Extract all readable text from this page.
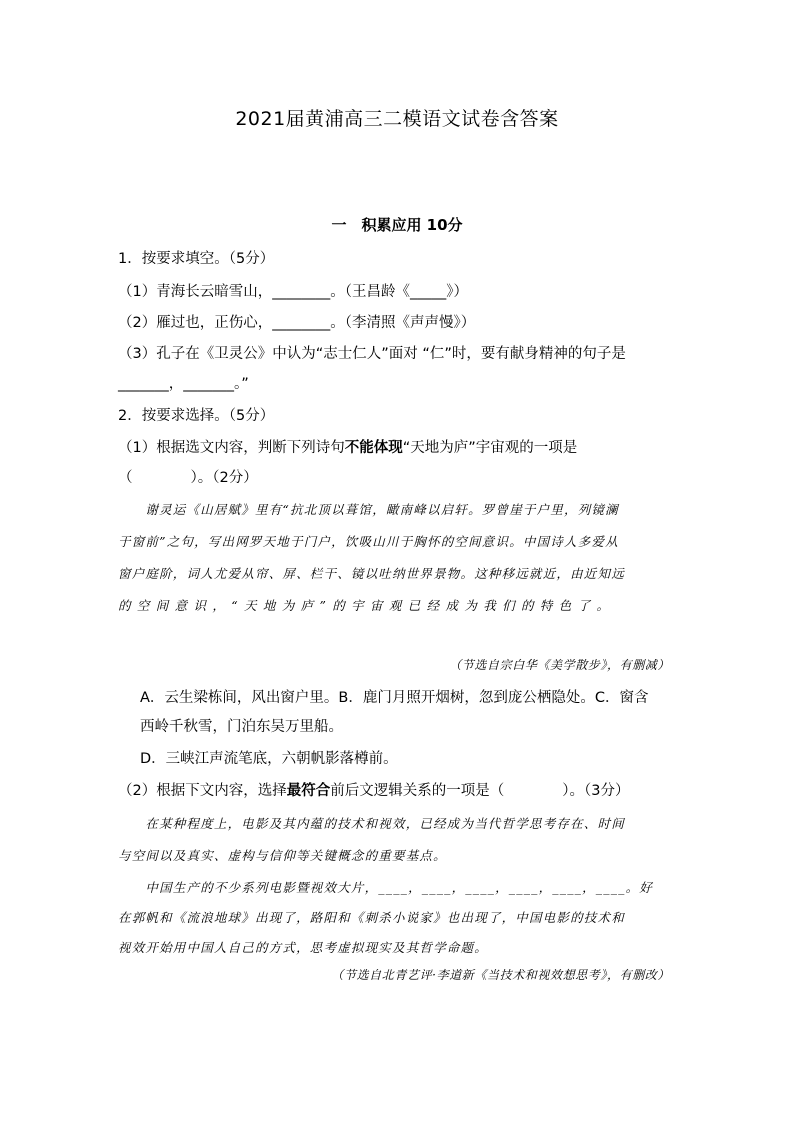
2021届黄浦高三二模语文试卷含答案
一　积累应用 10分
1．按要求填空。（5分）
（1）青海长云暗雪山，________。（王昌龄《_____》）
（2）雁过也，正伤心，________。（李清照《声声慢》）
（3）孔子在《卫灵公》中认为“志士仁人”面对 “仁”时，要有献身精神的句子是
_______，_______。”
2．按要求选择。（5分）
（1）根据选文内容，判断下列诗句不能体现“天地为庐”宇宙观的一项是
（　　　　）。（2分）
　　谢灵运《山居赋》里有“抗北顶以葺馆，瞰南峰以启轩。罗曾崖于户里，列镜澜
于窗前”之句，写出网罗天地于门户，饮吸山川于胸怀的空间意识。中国诗人多爱从
窗户庭阶，词人尤爱从帘、屏、栏干、镜以吐纳世界景物。这种移远就近，由近知远
的 空 间 意 识 ， “ 天 地 为 庐 ” 的 宇 宙 观 已 经 成 为 我 们 的 特 色 了 。
（节选自宗白华《美学散步》，有删减）
A．云生梁栋间，风出窗户里。B．鹿门月照开烟树，忽到庞公栖隐处。C．窗含
西岭千秋雪，门泊东吴万里船。
D．三峡江声流笔底，六朝帆影落樽前。
（2）根据下文内容，选择最符合前后文逻辑关系的一项是（　　　　）。（3分）
　　在某种程度上，电影及其内蕴的技术和视效，已经成为当代哲学思考存在、时间
与空间以及真实、虚构与信仰等关键概念的重要基点。
　　中国生产的不少系列电影暨视效大片，____，____，____，____，____，____。好
在郭帆和《流浪地球》出现了，路阳和《刺杀小说家》也出现了，中国电影的技术和
视效开始用中国人自己的方式，思考虚拟现实及其哲学命题。
（节选自北青艺评·李道新《当技术和视效想思考》，有删改）
